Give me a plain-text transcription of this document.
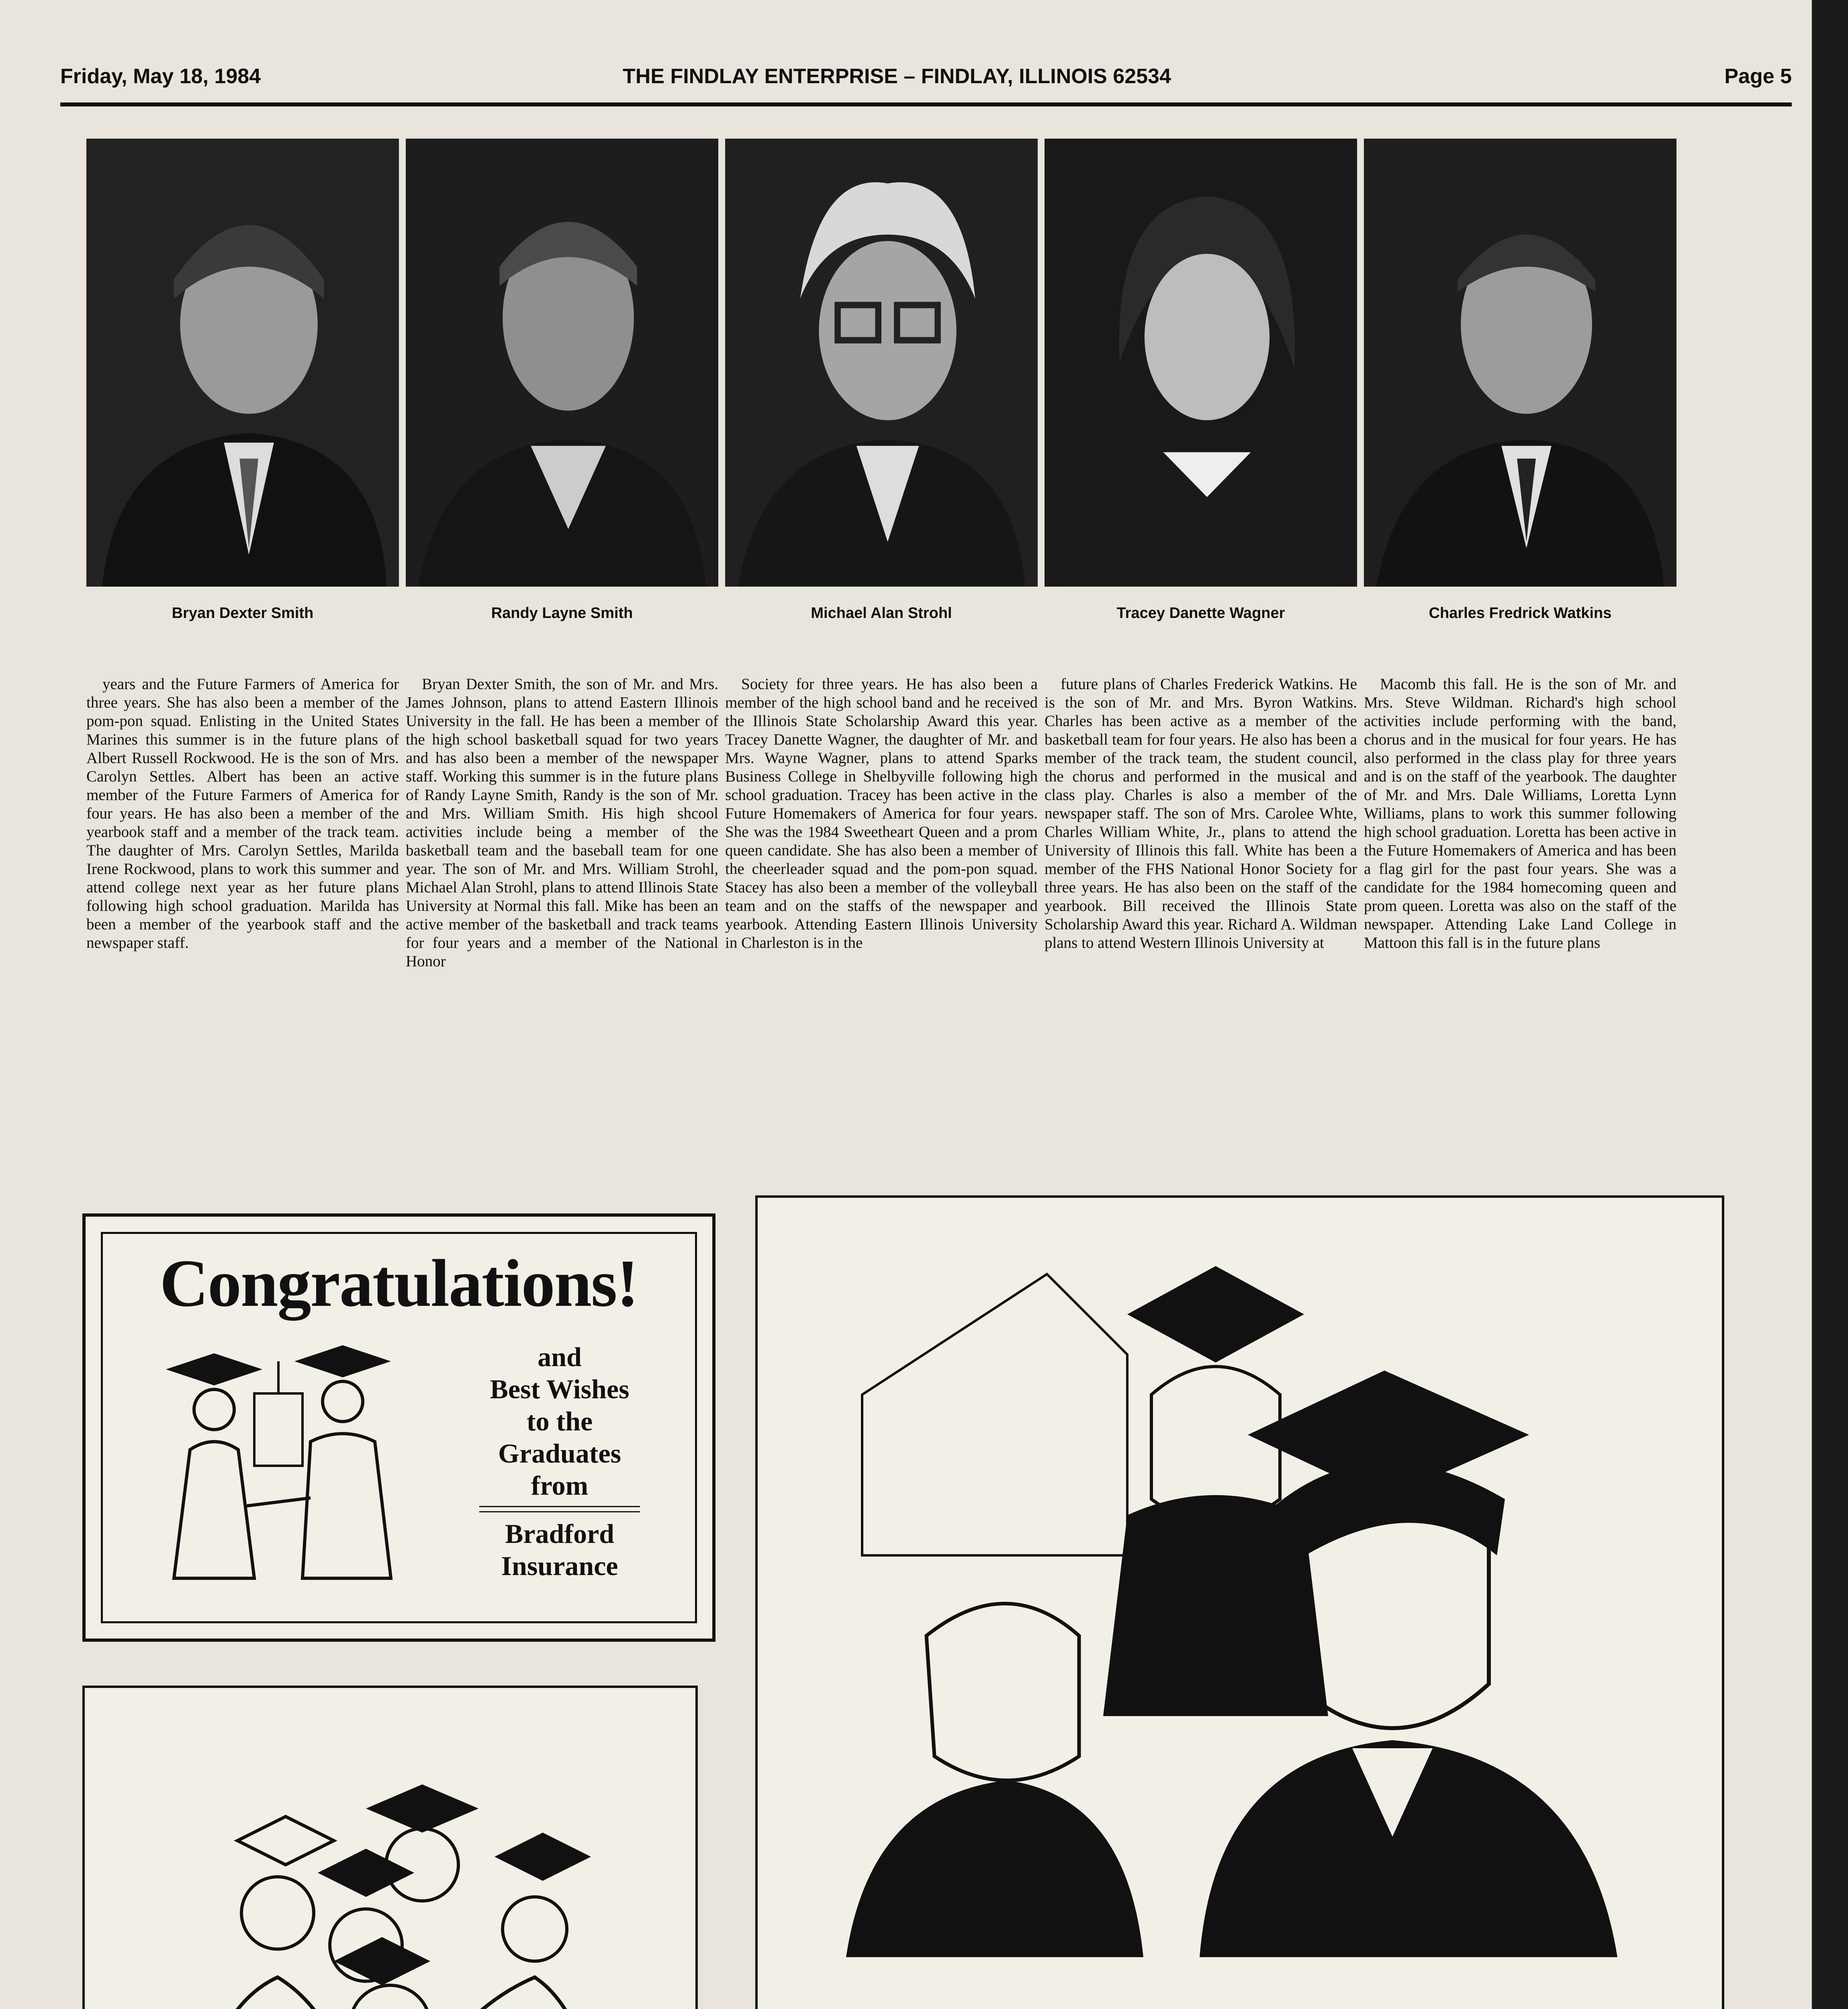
Friday, May 18, 1984	THE FINDLAY ENTERPRISE – FINDLAY, ILLINOIS 62534	Page 5
Bryan Dexter Smith	Randy Layne Smith	Michael Alan Strohl	Tracey Danette Wagner	Charles Fredrick Watkins

years and the Future Farmers of America for three years. She has also been a member of the pom-pon squad. Enlisting in the United States Marines this summer is in the future plans of Albert Russell Rockwood. He is the son of Mrs. Carolyn Settles. Albert has been an active member of the Future Farmers of America for four years. He has also been a member of the yearbook staff and a member of the track team. The daughter of Mrs. Carolyn Settles, Marilda Irene Rockwood, plans to work this summer and attend college next year as her future plans following high school graduation. Marilda has been a member of the yearbook staff and the newspaper staff.

Bryan Dexter Smith, the son of Mr. and Mrs. James Johnson, plans to attend Eastern Illinois University in the fall. He has been a member of the high school basketball squad for two years and has also been a member of the newspaper staff. Working this summer is in the future plans of Randy Layne Smith, Randy is the son of Mr. and Mrs. William Smith. His high shcool activities include being a member of the basketball team and the baseball team for one year. The son of Mr. and Mrs. William Strohl, Michael Alan Strohl, plans to attend Illinois State University at Normal this fall. Mike has been an active member of the basketball and track teams for four years and a member of the National Honor

Society for three years. He has also been a member of the high school band and he received the Illinois State Scholarship Award this year. Tracey Danette Wagner, the daughter of Mr. and Mrs. Wayne Wagner, plans to attend Sparks Business College in Shelbyville following high school graduation. Tracey has been active in the Future Homemakers of America for four years. She was the 1984 Sweetheart Queen and a prom queen candidate. She has also been a member of the cheerleader squad and the pom-pon squad. Stacey has also been a member of the volleyball team and on the staffs of the newspaper and yearbook. Attending Eastern Illinois University in Charleston is in the

future plans of Charles Frederick Watkins. He is the son of Mr. and Mrs. Byron Watkins. Charles has been active as a member of the basketball team for four years. He also has been a member of the track team, the student council, the chorus and performed in the musical and class play. Charles is also a member of the newspaper staff. The son of Mrs. Carolee Whte, Charles William White, Jr., plans to attend the University of Illinois this fall. White has been a member of the FHS National Honor Society for three years. He has also been on the staff of the yearbook. Bill received the Illinois State Scholarship Award this year. Richard A. Wildman plans to attend Western Illinois University at

Macomb this fall. He is the son of Mr. and Mrs. Steve Wildman. Richard's high school activities include performing with the band, chorus and in the musical for four years. He has also performed in the class play for three years and is on the staff of the yearbook. The daughter of Mr. and Mrs. Dale Williams, Loretta Lynn Williams, plans to work this summer following high school graduation. Loretta has been active in the Future Homemakers of America and has been a flag girl for the past four years. She was a candidate for the 1984 homecoming queen and prom queen. Loretta was also on the staff of the newspaper. Attending Lake Land College in Mattoon this fall is in the future plans

Congratulations!
and
Best Wishes
to the
Graduates
from
Bradford
Insurance
